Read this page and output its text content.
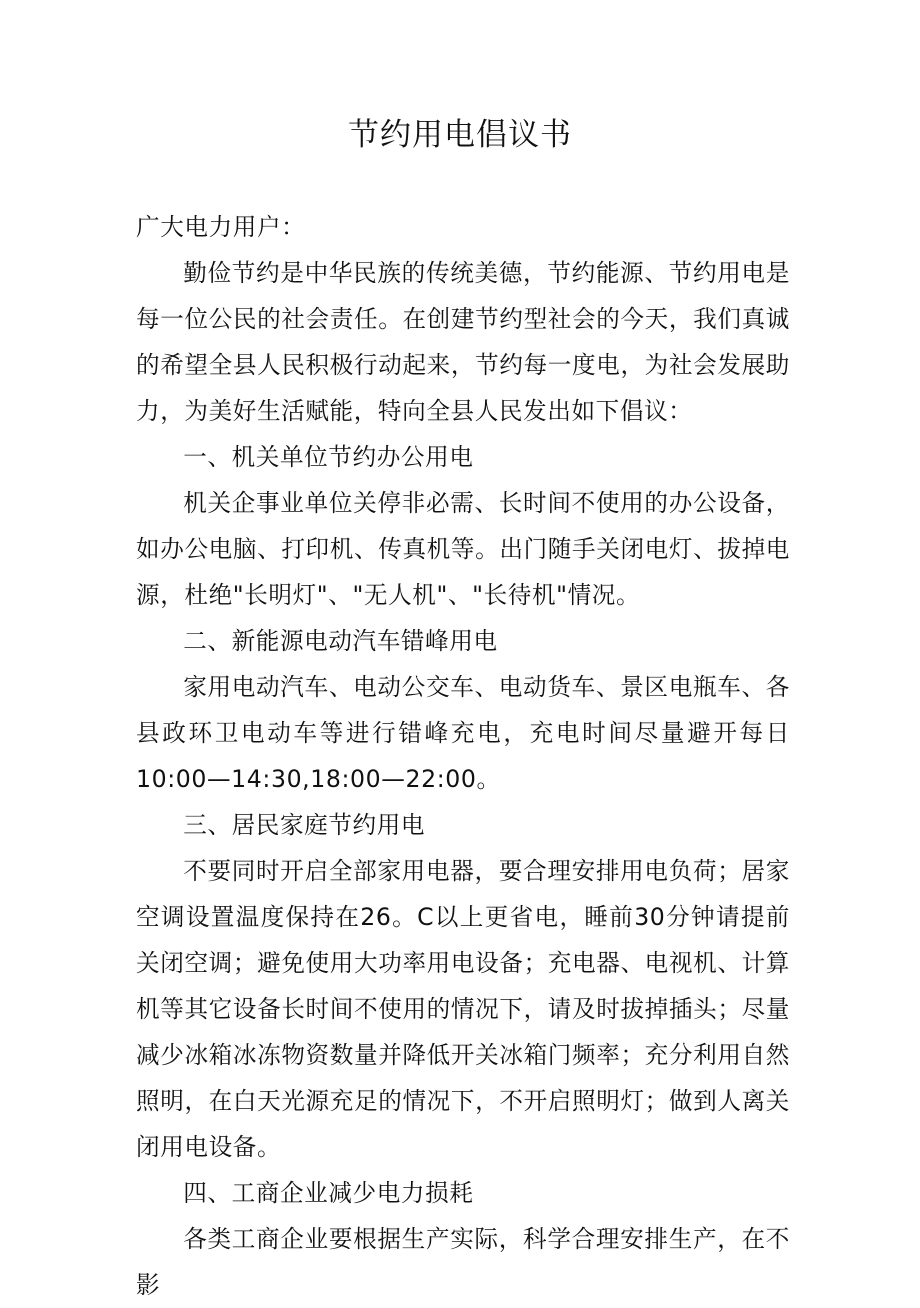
节约用电倡议书

广大电力用户：

勤俭节约是中华民族的传统美德，节约能源、节约用电是每一位公民的社会责任。在创建节约型社会的今天，我们真诚的希望全县人民积极行动起来，节约每一度电，为社会发展助力，为美好生活赋能，特向全县人民发出如下倡议：

一、机关单位节约办公用电

机关企事业单位关停非必需、长时间不使用的办公设备，如办公电脑、打印机、传真机等。出门随手关闭电灯、拔掉电源，杜绝"长明灯"、"无人机"、"长待机"情况。

二、新能源电动汽车错峰用电

家用电动汽车、电动公交车、电动货车、景区电瓶车、各县政环卫电动车等进行错峰充电，充电时间尽量避开每日10:00—14:30,18:00—22:00。

三、居民家庭节约用电

不要同时开启全部家用电器，要合理安排用电负荷；居家空调设置温度保持在26。C以上更省电，睡前30分钟请提前关闭空调；避免使用大功率用电设备；充电器、电视机、计算机等其它设备长时间不使用的情况下，请及时拔掉插头；尽量减少冰箱冰冻物资数量并降低开关冰箱门频率；充分利用自然照明，在白天光源充足的情况下，不开启照明灯；做到人离关闭用电设备。

四、工商企业减少电力损耗

各类工商企业要根据生产实际，科学合理安排生产，在不影
